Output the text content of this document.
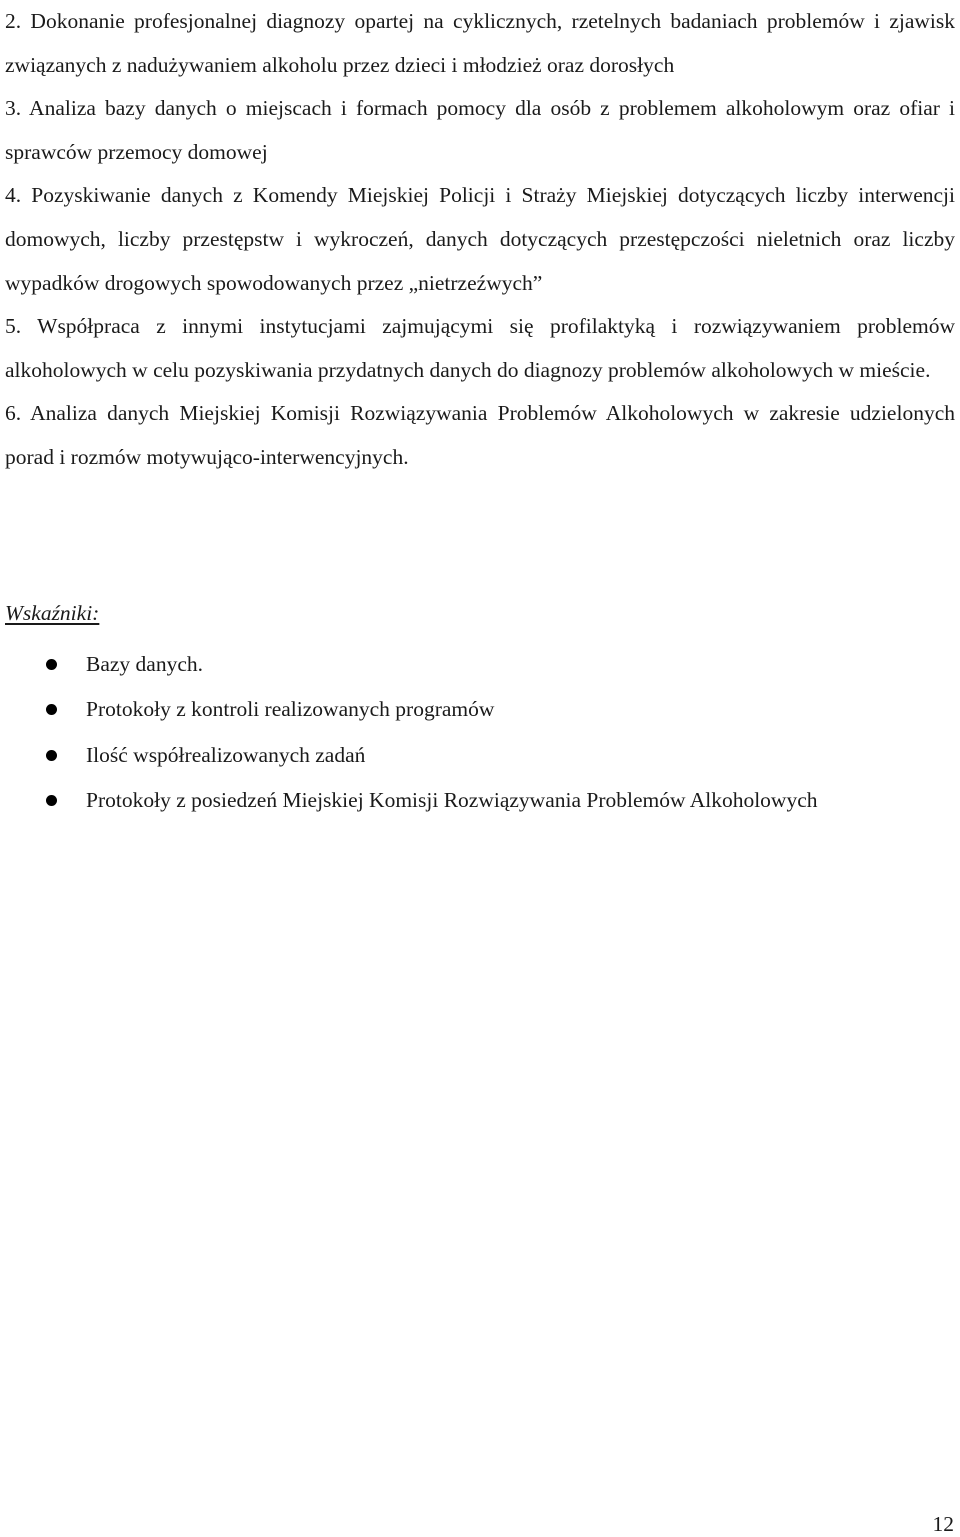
2. Dokonanie profesjonalnej diagnozy opartej na cyklicznych, rzetelnych badaniach problemów i zjawisk związanych z nadużywaniem alkoholu przez dzieci i młodzież oraz dorosłych

3. Analiza bazy danych o miejscach i formach pomocy dla osób z problemem alkoholowym oraz ofiar i sprawców przemocy domowej

4. Pozyskiwanie danych z Komendy Miejskiej Policji i Straży Miejskiej dotyczących liczby interwencji domowych, liczby przestępstw i wykroczeń, danych dotyczących przestępczości nieletnich oraz liczby wypadków drogowych spowodowanych przez „nietrzeźwych”

5. Współpraca z innymi instytucjami zajmującymi się profilaktyką i rozwiązywaniem problemów alkoholowych w celu pozyskiwania przydatnych danych do diagnozy problemów alkoholowych w mieście.

6. Analiza danych Miejskiej Komisji Rozwiązywania Problemów Alkoholowych w zakresie udzielonych porad i rozmów motywująco-interwencyjnych.

Wskaźniki:
Bazy danych.
Protokoły z kontroli realizowanych programów
Ilość współrealizowanych zadań
Protokoły z posiedzeń Miejskiej Komisji Rozwiązywania Problemów Alkoholowych
12
